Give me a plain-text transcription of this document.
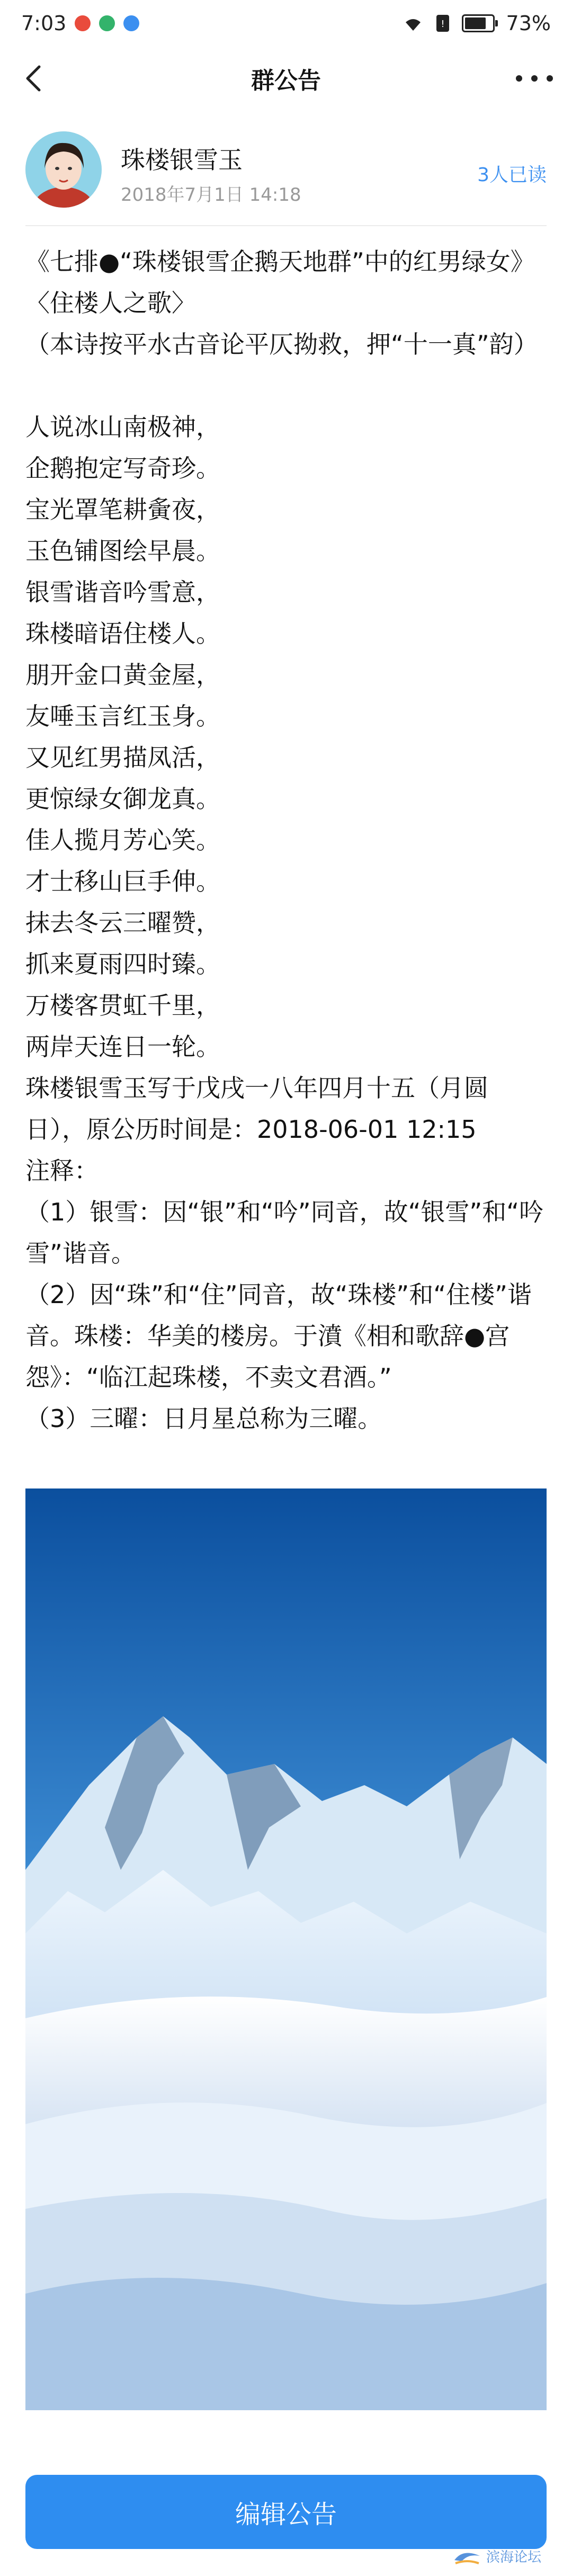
7:03	!	73%
群公告
珠楼银雪玉
2018年7月1日 14:18
3人已读

《七排●“珠楼银雪企鹅天地群”中的红男绿女》

〈住楼人之歌〉

（本诗按平水古音论平仄拗救，押“十一真”韵）

人说冰山南极神，

企鹅抱定写奇珍。

宝光罩笔耕夤夜，

玉色铺图绘早晨。

银雪谐音吟雪意，

珠楼暗语住楼人。

朋开金口黄金屋，

友唾玉言红玉身。

又见红男描凤活，

更惊绿女御龙真。

佳人揽月芳心笑。

才士移山巨手伸。

抹去冬云三曜赞，

抓来夏雨四时臻。

万楼客贯虹千里，

两岸天连日一轮。

珠楼银雪玉写于戊戌一八年四月十五（月圆日），原公历时间是：2018-06-01 12:15

注释：

（1）银雪：因“银”和“吟”同音，故“银雪”和“吟雪”谐音。

（2）因“珠”和“住”同音，故“珠楼”和“住楼”谐音。珠楼：华美的楼房。于濆《相和歌辞●宫怨》：“临江起珠楼，不卖文君酒。”

（3）三曜：日月星总称为三曜。

编辑公告
滨海论坛
